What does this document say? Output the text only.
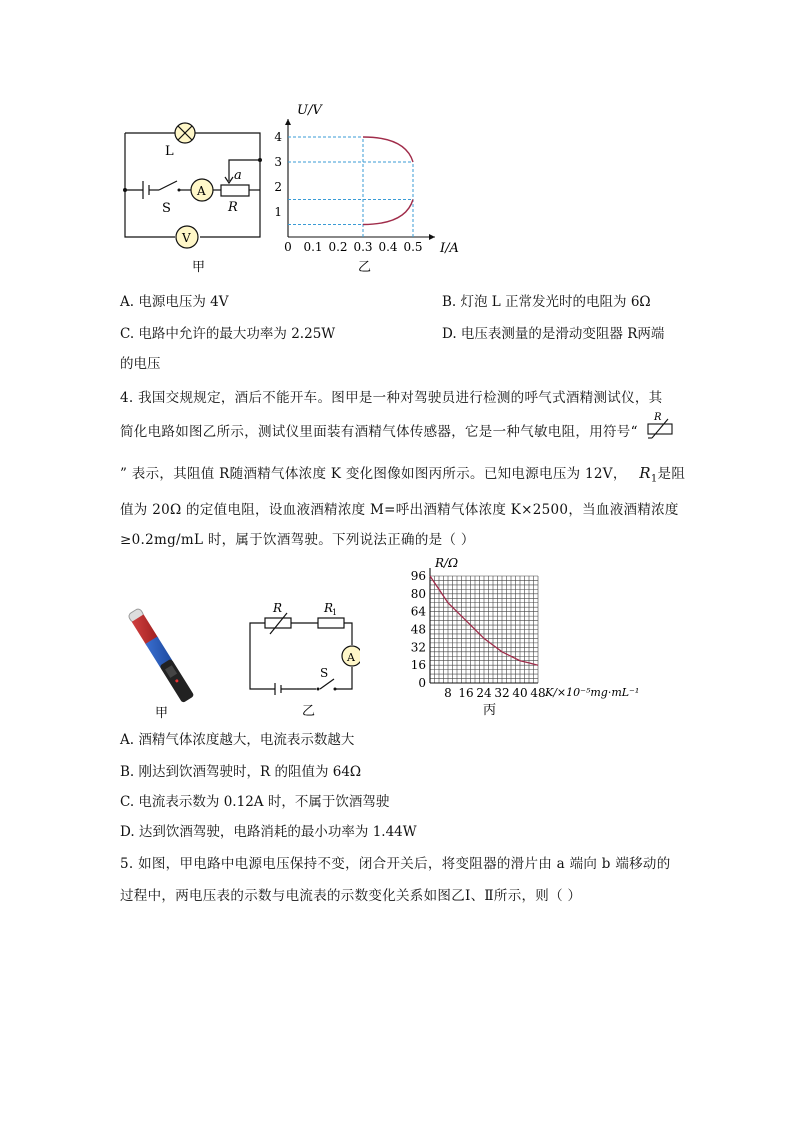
L
A
V
S	R
a
甲
0 0.1 0.2 0.3 0.4 0.5
1
2
3
4
U/V
I/A
乙
A. 电源电压为 4V	B. 灯泡 L 正常发光时的电阻为 6Ω
C. 电路中允许的最大功率为 2.25W	D. 电压表测量的是滑动变阻器 R两端
的电压
4. 我国交规规定，酒后不能开车。图甲是一种对驾驶员进行检测的呼气式酒精测试仪，其
简化电路如图乙所示，测试仪里面装有酒精气体传感器，它是一种气敏电阻，用符号“
R
” 表示，其阻值 R随酒精气体浓度 K 变化图像如图丙所示。已知电源电压为 12V， $R_1$是阻
值为 20Ω 的定值电阻，设血液酒精浓度 M=呼出酒精气体浓度 K×2500，当血液酒精浓度
≥0.2mg/mL 时，属于饮酒驾驶。下列说法正确的是（ ）
甲
R	R
1
A
S
乙
0
16
32
48
64
80
96
8 16 24 32 40 48
R/Ω
K/×10⁻⁵mg·mL⁻¹
丙
A. 酒精气体浓度越大，电流表示数越大
B. 刚达到饮酒驾驶时，R 的阻值为 64Ω
C. 电流表示数为 0.12A 时，不属于饮酒驾驶
D. 达到饮酒驾驶，电路消耗的最小功率为 1.44W
5. 如图，甲电路中电源电压保持不变，闭合开关后，将变阻器的滑片由 a 端向 b 端移动的
过程中，两电压表的示数与电流表的示数变化关系如图乙Ⅰ、Ⅱ所示，则（ ）
